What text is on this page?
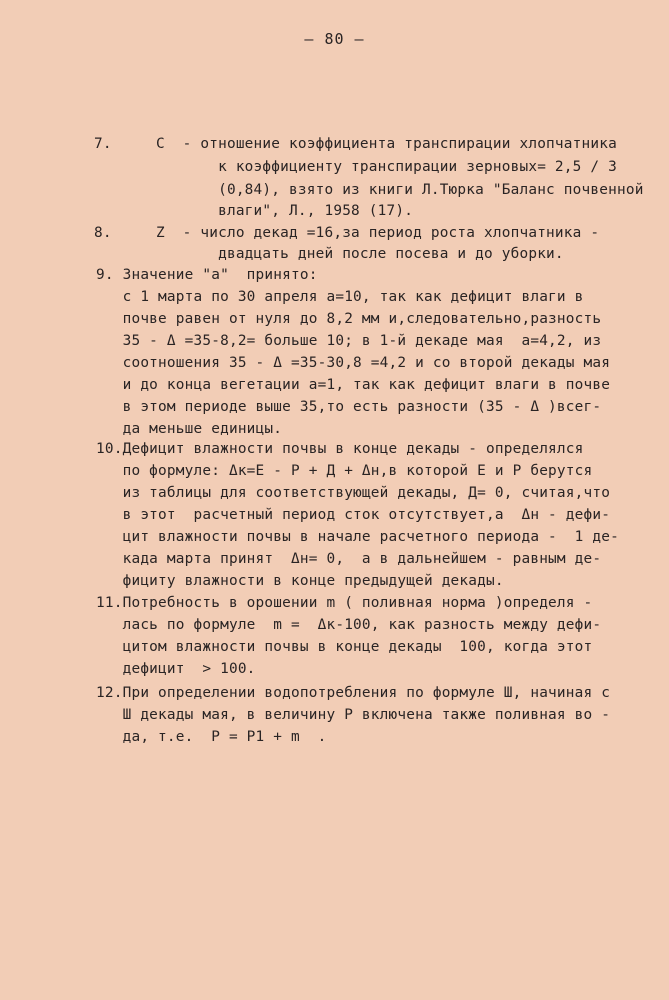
— 80 —
7.     C  - отношение коэффициента транспирации хлопчатника
к коэффициенту транспирации зерновых= 2,5 / 3
(0,84), взято из книги Л.Тюрка "Баланс почвенной
влаги", Л., 1958 (17).
8.     Z  - число декад =16,за период роста хлопчатника -
двадцать дней после посева и до уборки.
9. Значение "а"  принято:
с 1 марта по 30 апреля а=10, так как дефицит влаги в
почве равен от нуля до 8,2 мм и,следовательно,разность
35 - Δ =35-8,2= больше 10; в 1-й декаде мая  а=4,2, из
соотношения 35 - Δ =35-30,8 =4,2 и со второй декады мая
и до конца вегетации а=1, так как дефицит влаги в почве
в этом периоде выше 35,то есть разности (35 - Δ )всег-
да меньше единицы.
10.Дефицит влажности почвы в конце декады - определялся
по формуле: Δк=Е - Р + Д + Δн,в которой Е и Р берутся
из таблицы для соответствующей декады, Д= 0, считая,что
в этот  расчетный период сток отсутствует,а  Δн - дефи-
цит влажности почвы в начале расчетного периода -  1 де-
када марта принят  Δн= 0,  а в дальнейшем - равным де-
фициту влажности в конце предыдущей декады.
11.Потребность в орошении m ( поливная норма )определя -
лась по формуле  m =  Δк-100, как разность между дефи-
цитом влажности почвы в конце декады  100, когда этот
дефицит  > 100.
12.При определении водопотребления по формуле Ш, начиная с
Ш декады мая, в величину Р включена также поливная во -
да, т.е.  Р = Р1 + m  .
